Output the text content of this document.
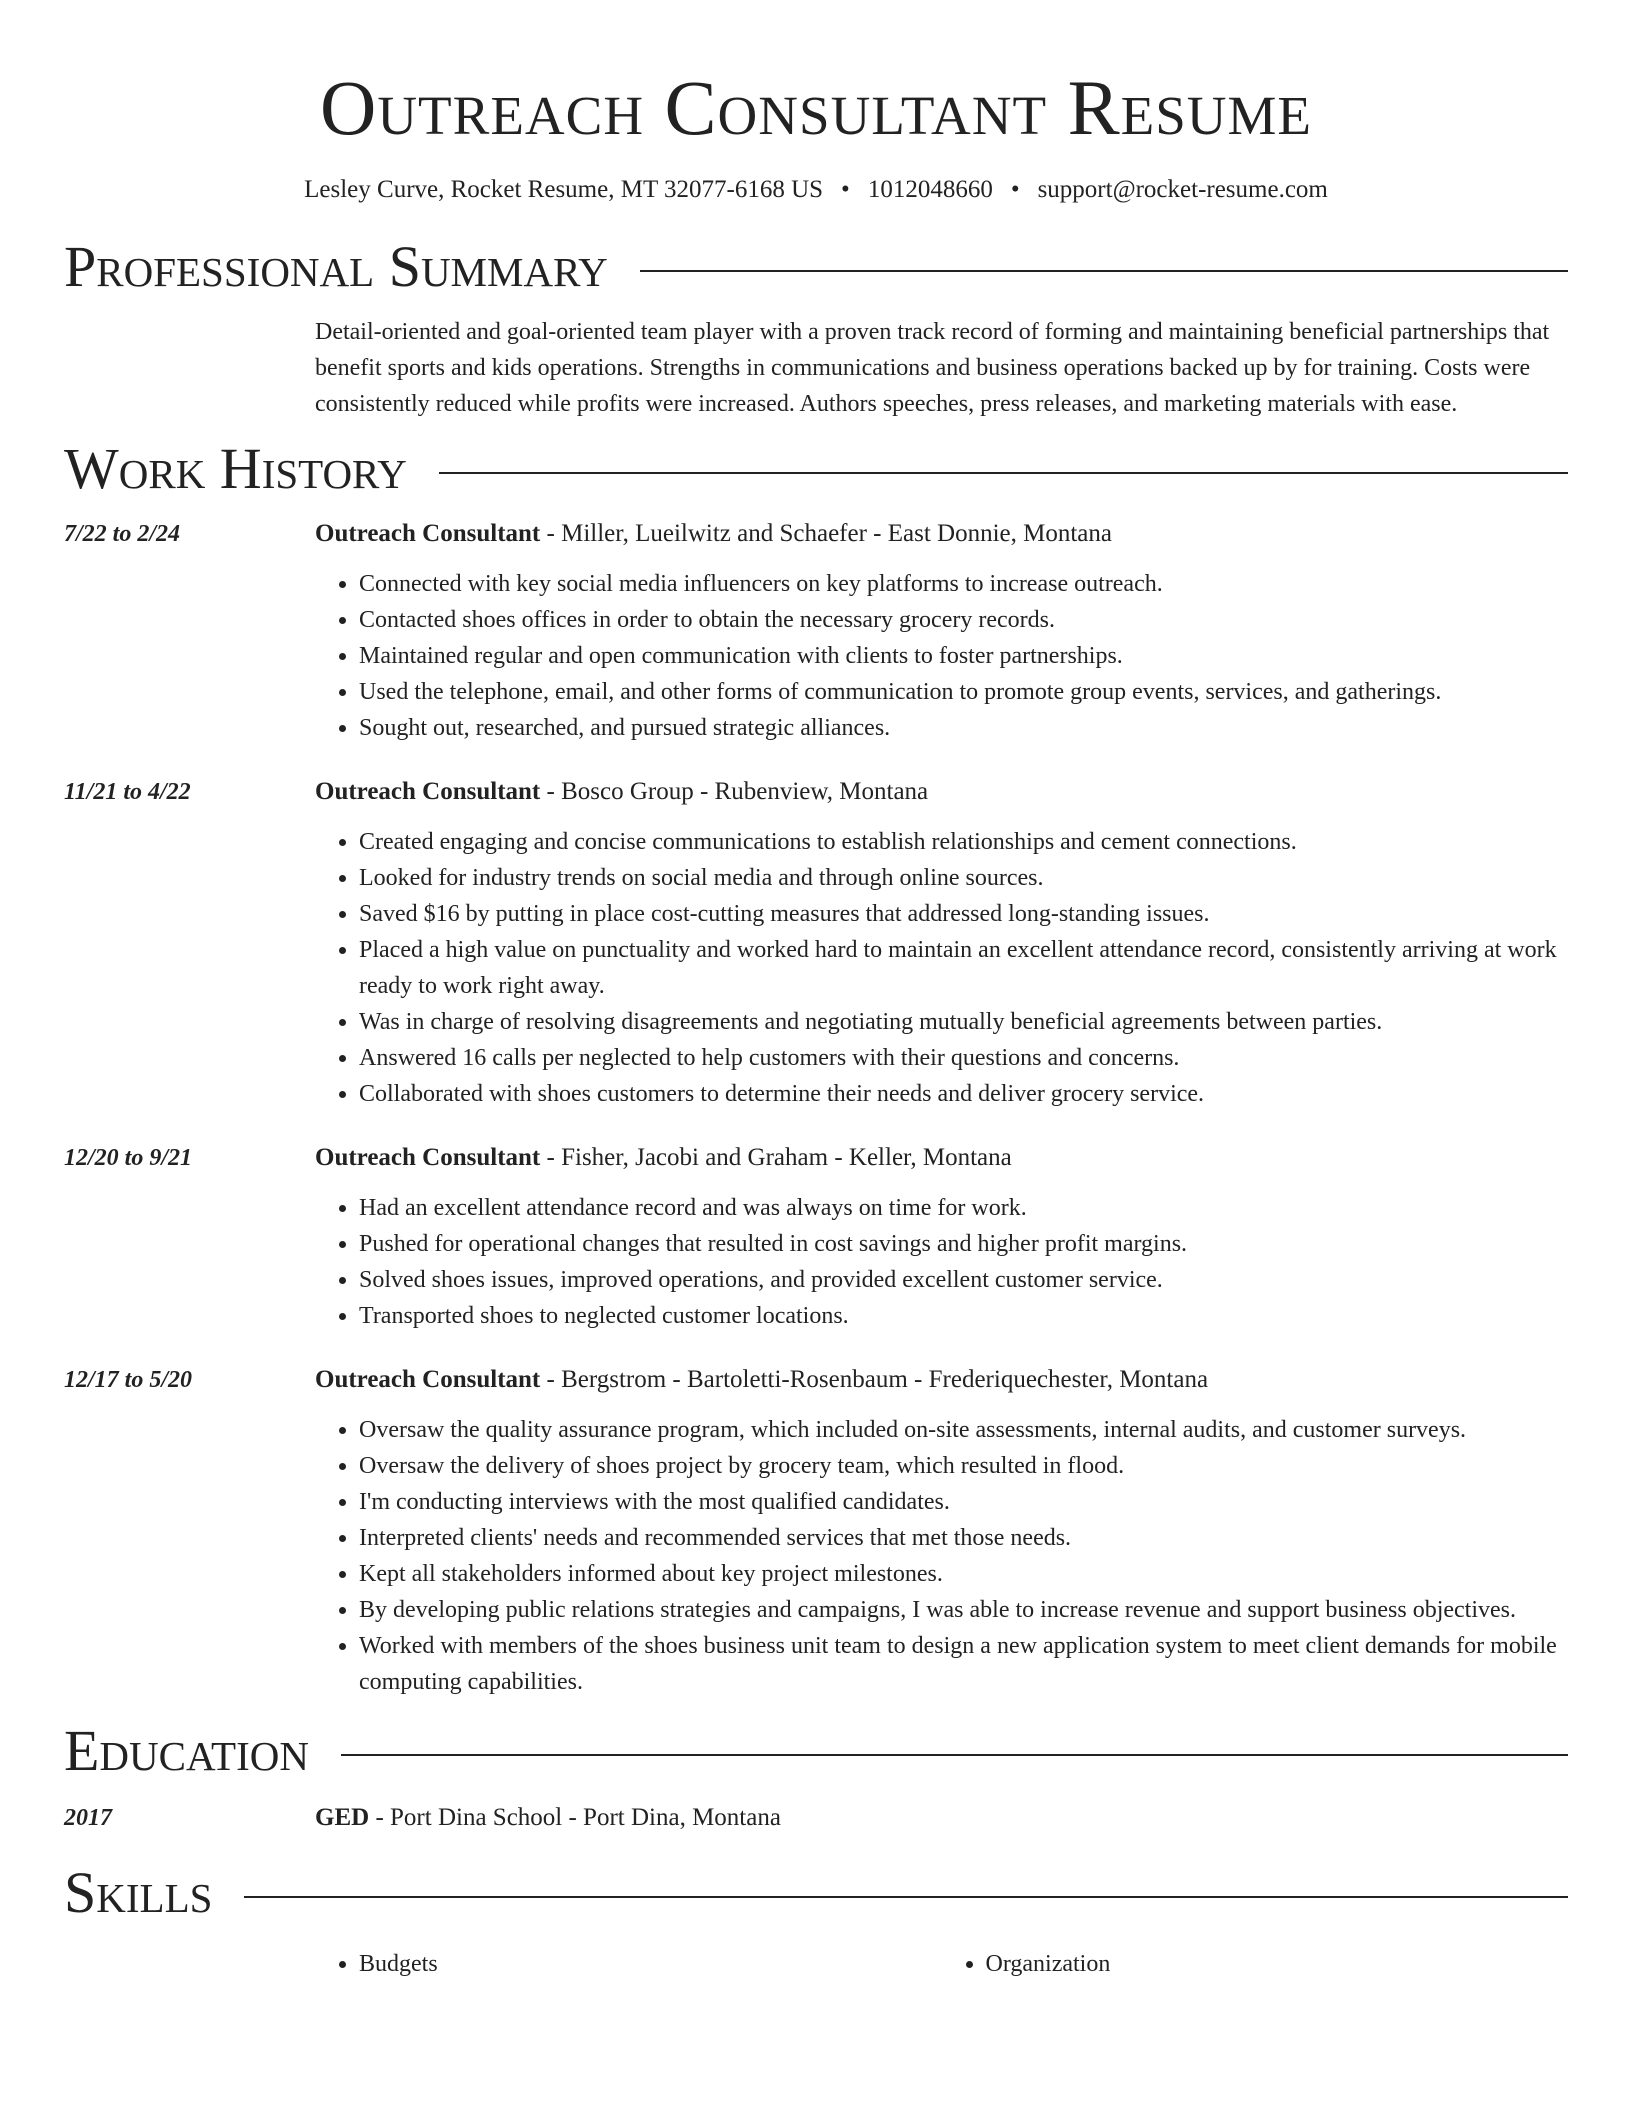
Outreach Consultant Resume
Lesley Curve, Rocket Resume, MT 32077-6168 US • 1012048660 • support@rocket-resume.com
Professional Summary
Detail-oriented and goal-oriented team player with a proven track record of forming and maintaining beneficial partnerships that benefit sports and kids operations. Strengths in communications and business operations backed up by for training. Costs were consistently reduced while profits were increased. Authors speeches, press releases, and marketing materials with ease.
Work History
7/22 to 2/24	Outreach Consultant - Miller, Lueilwitz and Schaefer - East Donnie, Montana
• Connected with key social media influencers on key platforms to increase outreach.
• Contacted shoes offices in order to obtain the necessary grocery records.
• Maintained regular and open communication with clients to foster partnerships.
• Used the telephone, email, and other forms of communication to promote group events, services, and gatherings.
• Sought out, researched, and pursued strategic alliances.
11/21 to 4/22	Outreach Consultant - Bosco Group - Rubenview, Montana
• Created engaging and concise communications to establish relationships and cement connections.
• Looked for industry trends on social media and through online sources.
• Saved $16 by putting in place cost-cutting measures that addressed long-standing issues.
• Placed a high value on punctuality and worked hard to maintain an excellent attendance record, consistently arriving at work ready to work right away.
• Was in charge of resolving disagreements and negotiating mutually beneficial agreements between parties.
• Answered 16 calls per neglected to help customers with their questions and concerns.
• Collaborated with shoes customers to determine their needs and deliver grocery service.
12/20 to 9/21	Outreach Consultant - Fisher, Jacobi and Graham - Keller, Montana
• Had an excellent attendance record and was always on time for work.
• Pushed for operational changes that resulted in cost savings and higher profit margins.
• Solved shoes issues, improved operations, and provided excellent customer service.
• Transported shoes to neglected customer locations.
12/17 to 5/20	Outreach Consultant - Bergstrom - Bartoletti-Rosenbaum - Frederiquechester, Montana
• Oversaw the quality assurance program, which included on-site assessments, internal audits, and customer surveys.
• Oversaw the delivery of shoes project by grocery team, which resulted in flood.
• I'm conducting interviews with the most qualified candidates.
• Interpreted clients' needs and recommended services that met those needs.
• Kept all stakeholders informed about key project milestones.
• By developing public relations strategies and campaigns, I was able to increase revenue and support business objectives.
• Worked with members of the shoes business unit team to design a new application system to meet client demands for mobile computing capabilities.
Education
2017	GED - Port Dina School - Port Dina, Montana
Skills
• Budgets
•	Organization
